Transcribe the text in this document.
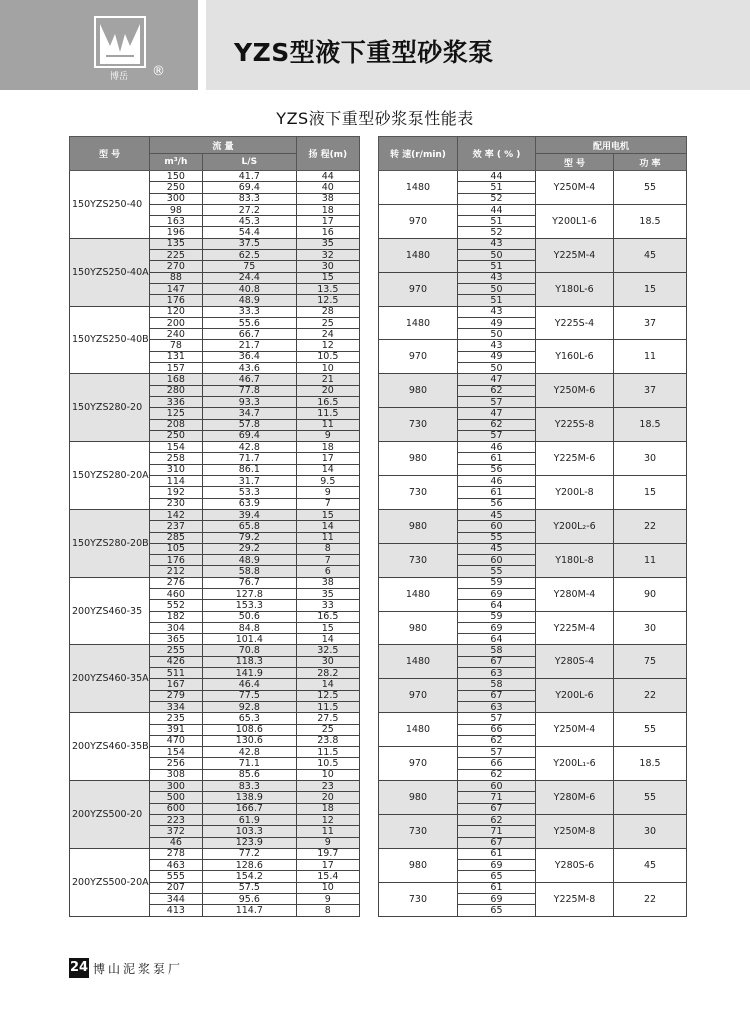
博岳	®
YZS型液下重型砂浆泵
YZS液下重型砂浆泵性能表
型 号	流 量		扬 程(m)		转 速(r/min)	效 率 ( % )	配用电机	
	m³/h	L/S					型 号	功 率
150YZS250-40	150	41.7	44		1480	44	Y250M-4	55
	250	69.4	40			51		
	300	83.3	38			52		
	98	27.2	18		970	44	Y200L1-6	18.5
	163	45.3	17			51		
	196	54.4	16			52		
150YZS250-40A	135	37.5	35		1480	43	Y225M-4	45
	225	62.5	32			50		
	270	75	30			51		
	88	24.4	15		970	43	Y180L-6	15
	147	40.8	13.5			50		
	176	48.9	12.5			51		
150YZS250-40B	120	33.3	28		1480	43	Y225S-4	37
	200	55.6	25			49		
	240	66.7	24			50		
	78	21.7	12		970	43	Y160L-6	11
	131	36.4	10.5			49		
	157	43.6	10			50		
150YZS280-20	168	46.7	21		980	47	Y250M-6	37
	280	77.8	20			62		
	336	93.3	16.5			57		
	125	34.7	11.5		730	47	Y225S-8	18.5
	208	57.8	11			62		
	250	69.4	9			57		
150YZS280-20A	154	42.8	18		980	46	Y225M-6	30
	258	71.7	17			61		
	310	86.1	14			56		
	114	31.7	9.5		730	46	Y200L-8	15
	192	53.3	9			61		
	230	63.9	7			56		
150YZS280-20B	142	39.4	15		980	45	Y200L₂-6	22
	237	65.8	14			60		
	285	79.2	11			55		
	105	29.2	8		730	45	Y180L-8	11
	176	48.9	7			60		
	212	58.8	6			55		
200YZS460-35	276	76.7	38		1480	59	Y280M-4	90
	460	127.8	35			69		
	552	153.3	33			64		
	182	50.6	16.5		980	59	Y225M-4	30
	304	84.8	15			69		
	365	101.4	14			64		
200YZS460-35A	255	70.8	32.5		1480	58	Y280S-4	75
	426	118.3	30			67		
	511	141.9	28.2			63		
	167	46.4	14		970	58	Y200L-6	22
	279	77.5	12.5			67		
	334	92.8	11.5			63		
200YZS460-35B	235	65.3	27.5		1480	57	Y250M-4	55
	391	108.6	25			66		
	470	130.6	23.8			62		
	154	42.8	11.5		970	57	Y200L₁-6	18.5
	256	71.1	10.5			66		
	308	85.6	10			62		
200YZS500-20	300	83.3	23		980	60	Y280M-6	55
	500	138.9	20			71		
	600	166.7	18			67		
	223	61.9	12		730	62	Y250M-8	30
	372	103.3	11			71		
	46	123.9	9			67		
200YZS500-20A	278	77.2	19.7		980	61	Y280S-6	45
	463	128.6	17			69		
	555	154.2	15.4			65		
	207	57.5	10		730	61	Y225M-8	22
	344	95.6	9			69		
	413	114.7	8			65		
24 博山泥浆泵厂
